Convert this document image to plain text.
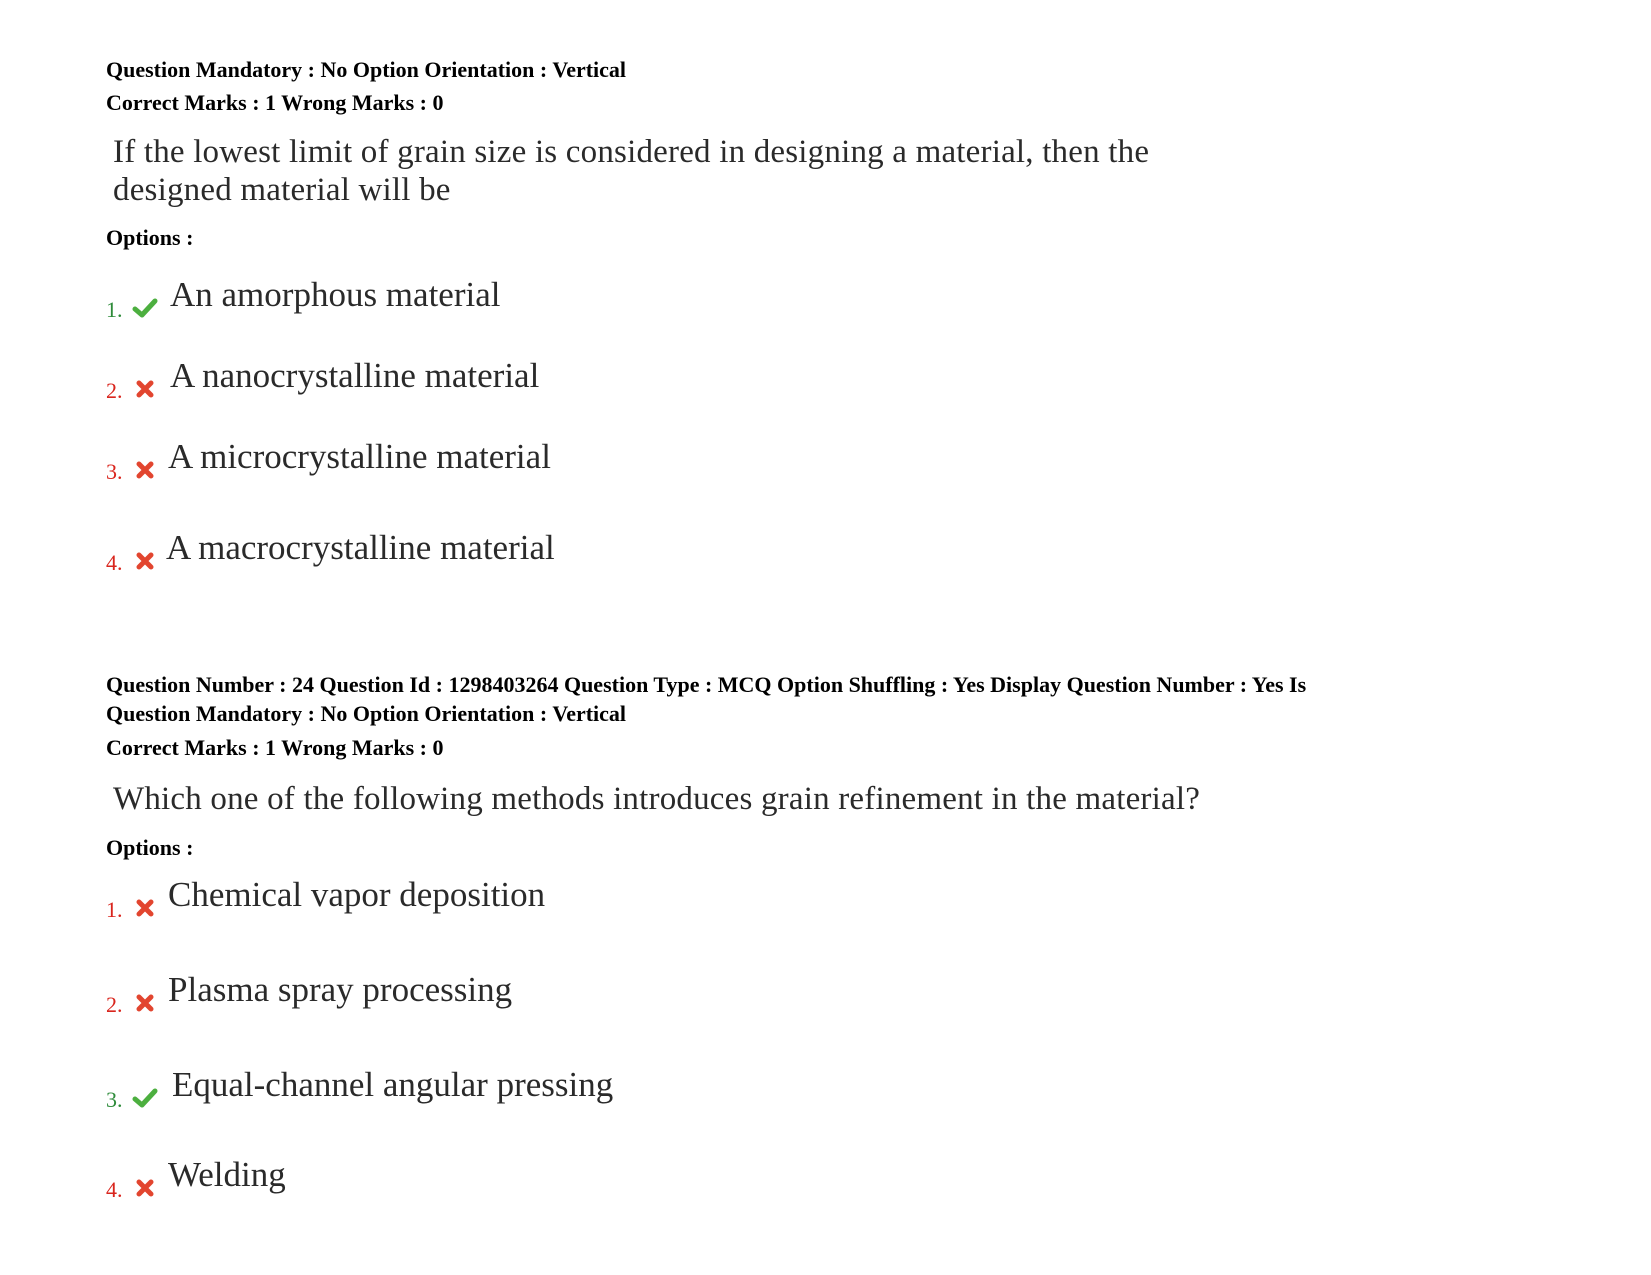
Question Mandatory : No Option Orientation : Vertical
Correct Marks : 1 Wrong Marks : 0
If the lowest limit of grain size is considered in designing a material, then the
designed material will be
Options :
1. An amorphous material
2. A nanocrystalline material
3. A microcrystalline material
4. A macrocrystalline material
Question Number : 24 Question Id : 1298403264 Question Type : MCQ Option Shuffling : Yes Display Question Number : Yes Is
Question Mandatory : No Option Orientation : Vertical
Correct Marks : 1 Wrong Marks : 0
Which one of the following methods introduces grain refinement in the material?
Options :
1. Chemical vapor deposition
2. Plasma spray processing
3. Equal-channel angular pressing
4. Welding
